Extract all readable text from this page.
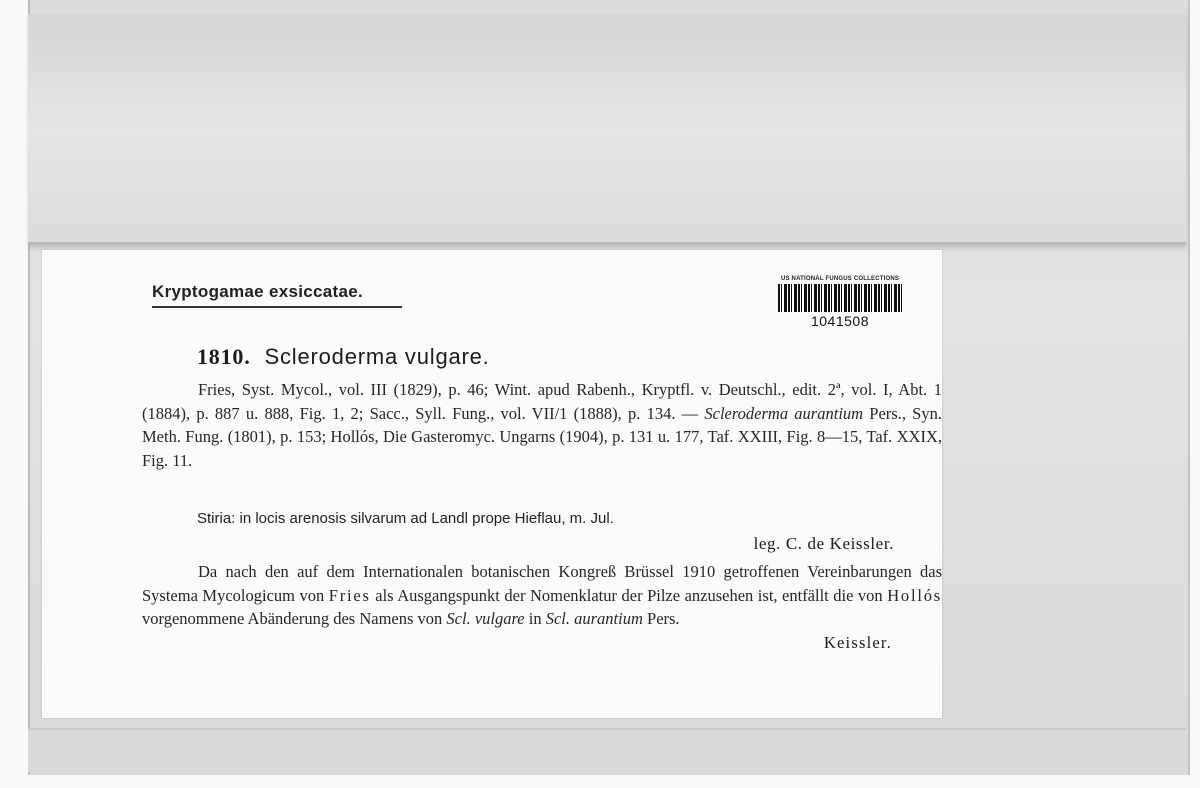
Kryptogamae exsiccatae.
US NATIONAL FUNGUS COLLECTIONS
1041508
1810. Scleroderma vulgare.
Fries, Syst. Mycol., vol. III (1829), p. 46; Wint. apud Rabenh., Kryptfl. v. Deutschl., edit. 2ª, vol. I, Abt. 1 (1884), p. 887 u. 888, Fig. 1, 2; Sacc., Syll. Fung., vol. VII/1 (1888), p. 134. — Scleroderma aurantium Pers., Syn. Meth. Fung. (1801), p. 153; Hollós, Die Gasteromyc. Ungarns (1904), p. 131 u. 177, Taf. XXIII, Fig. 8—15, Taf. XXIX, Fig. 11.
Stiria: in locis arenosis silvarum ad Landl prope Hieflau, m. Jul.
leg. C. de Keissler.
Da nach den auf dem Internationalen botanischen Kongreß Brüssel 1910 getroffenen Vereinbarungen das Systema Mycologicum von Fries als Ausgangspunkt der Nomenklatur der Pilze anzusehen ist, entfällt die von Hollós vorgenommene Abänderung des Namens von Scl. vulgare in Scl. aurantium Pers.
Keissler.
